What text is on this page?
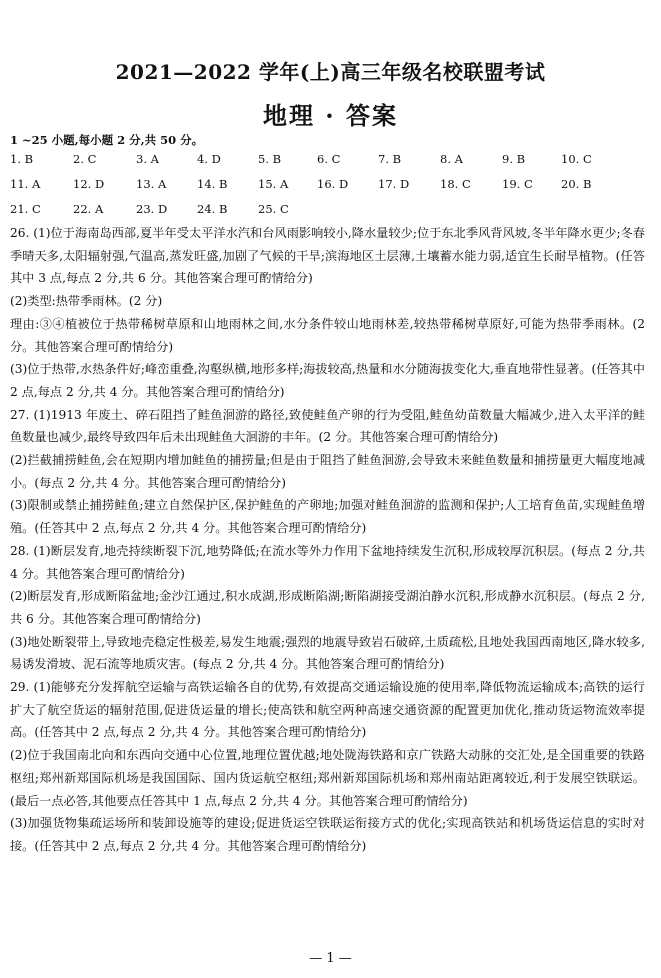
2021—2022 学年(上)高三年级名校联盟考试
地理 · 答案
1 ~25 小题,每小题 2 分,共 50 分。
1. B	2. C	3. A	4. D	5. B	6. C	7. B	8. A	9. B	10. C
11. A	12. D	13. A	14. B	15. A	16. D	17. D	18. C	19. C 20. B
21. C	22. A	23. D	24. B	25. C
26. (1)位于海南岛西部,夏半年受太平洋水汽和台风雨影响较小,降水量较少;位于东北季风背风坡,冬半年降水更少;冬春季晴天多,太阳辐射强,气温高,蒸发旺盛,加剧了气候的干旱;滨海地区土层薄,土壤蓄水能力弱,适宜生长耐旱植物。(任答其中 3 点,每点 2 分,共 6 分。其他答案合理可酌情给分)
(2)类型:热带季雨林。(2 分)
理由:③④植被位于热带稀树草原和山地雨林之间,水分条件较山地雨林差,较热带稀树草原好,可能为热带季雨林。(2 分。其他答案合理可酌情给分)
(3)位于热带,水热条件好;峰峦重叠,沟壑纵横,地形多样;海拔较高,热量和水分随海拔变化大,垂直地带性显著。(任答其中 2 点,每点 2 分,共 4 分。其他答案合理可酌情给分)
27. (1)1913 年废土、碎石阻挡了鲑鱼洄游的路径,致使鲑鱼产卵的行为受阻,鲑鱼幼苗数量大幅减少,进入太平洋的鲑鱼数量也减少,最终导致四年后未出现鲑鱼大洄游的丰年。(2 分。其他答案合理可酌情给分)
(2)拦截捕捞鲑鱼,会在短期内增加鲑鱼的捕捞量;但是由于阻挡了鲑鱼洄游,会导致未来鲑鱼数量和捕捞量更大幅度地减小。(每点 2 分,共 4 分。其他答案合理可酌情给分)
(3)限制或禁止捕捞鲑鱼;建立自然保护区,保护鲑鱼的产卵地;加强对鲑鱼洄游的监测和保护;人工培育鱼苗,实现鲑鱼增殖。(任答其中 2 点,每点 2 分,共 4 分。其他答案合理可酌情给分)
28. (1)断层发育,地壳持续断裂下沉,地势降低;在流水等外力作用下盆地持续发生沉积,形成较厚沉积层。(每点 2 分,共 4 分。其他答案合理可酌情给分)
(2)断层发育,形成断陷盆地;金沙江通过,积水成湖,形成断陷湖;断陷湖接受湖泊静水沉积,形成静水沉积层。(每点 2 分,共 6 分。其他答案合理可酌情给分)
(3)地处断裂带上,导致地壳稳定性极差,易发生地震;强烈的地震导致岩石破碎,土质疏松,且地处我国西南地区,降水较多,易诱发滑坡、泥石流等地质灾害。(每点 2 分,共 4 分。其他答案合理可酌情给分)
29. (1)能够充分发挥航空运输与高铁运输各自的优势,有效提高交通运输设施的使用率,降低物流运输成本;高铁的运行扩大了航空货运的辐射范围,促进货运量的增长;使高铁和航空两种高速交通资源的配置更加优化,推动货运物流效率提高。(任答其中 2 点,每点 2 分,共 4 分。其他答案合理可酌情给分)
(2)位于我国南北向和东西向交通中心位置,地理位置优越;地处陇海铁路和京广铁路大动脉的交汇处,是全国重要的铁路枢纽;郑州新郑国际机场是我国国际、国内货运航空枢纽;郑州新郑国际机场和郑州南站距离较近,利于发展空铁联运。(最后一点必答,其他要点任答其中 1 点,每点 2 分,共 4 分。其他答案合理可酌情给分)
(3)加强货物集疏运场所和装卸设施等的建设;促进货运空铁联运衔接方式的优化;实现高铁站和机场货运信息的实时对接。(任答其中 2 点,每点 2 分,共 4 分。其他答案合理可酌情给分)
— 1 —
